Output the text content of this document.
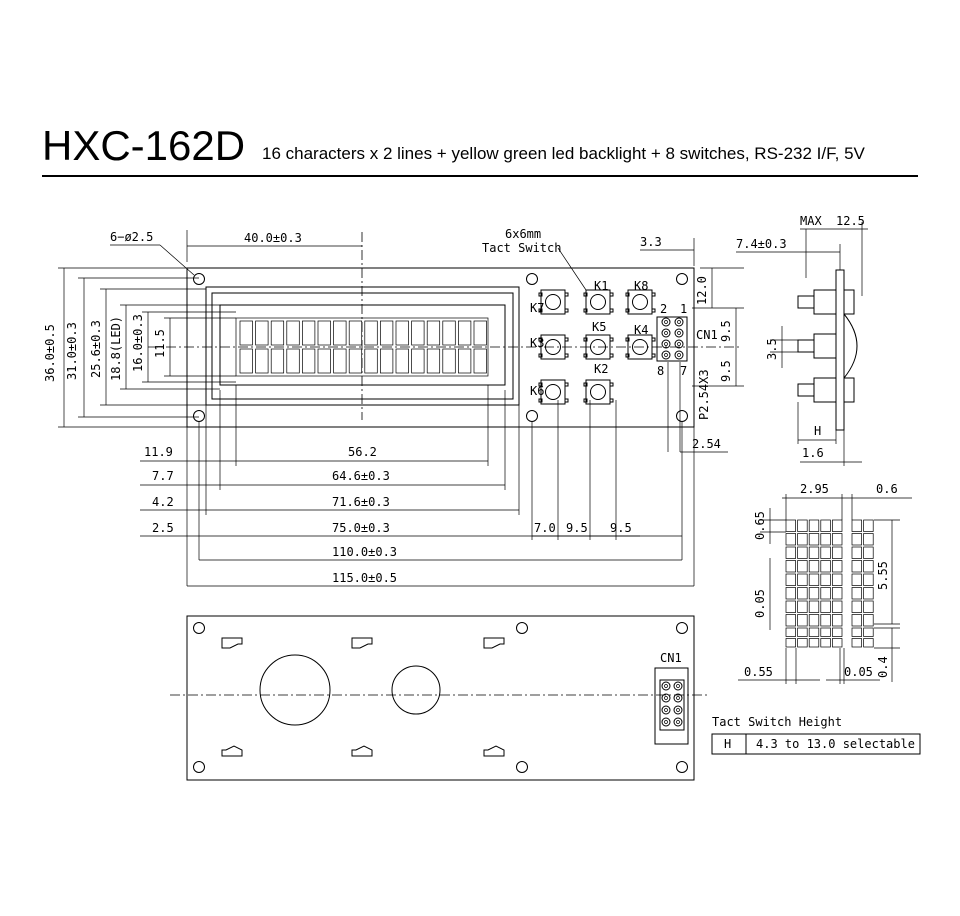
HXC-162D 16 characters x 2 lines + yellow green led backlight + 8 switches, RS-232 I/F, 5V
CN1
1
2
7
8
6−ø2.5	40.0±0.3	6x6mm
Tact Switch	3.3
12.0
9.5
9.5
P2.54X3
2.54
36.0±0.5 31.0±0.3 25.6±0.3 18.8(LED) 16.0±0.3 11.5
11.9
7.7
4.2
2.5
56.2
64.6±0.3
71.6±0.3
75.0±0.3
110.0±0.3
115.0±0.5
7.0 9.5 9.5
MAX 12.5
7.4±0.3
3.5
H
1.6
2.95	0.6
0.65
0.05
5.55
0.4
0.55	0.05
CN1
Tact Switch Height
H 4.3 to 13.0 selectable
K1 K8
K7
K5 K4
K3
K6
K2
